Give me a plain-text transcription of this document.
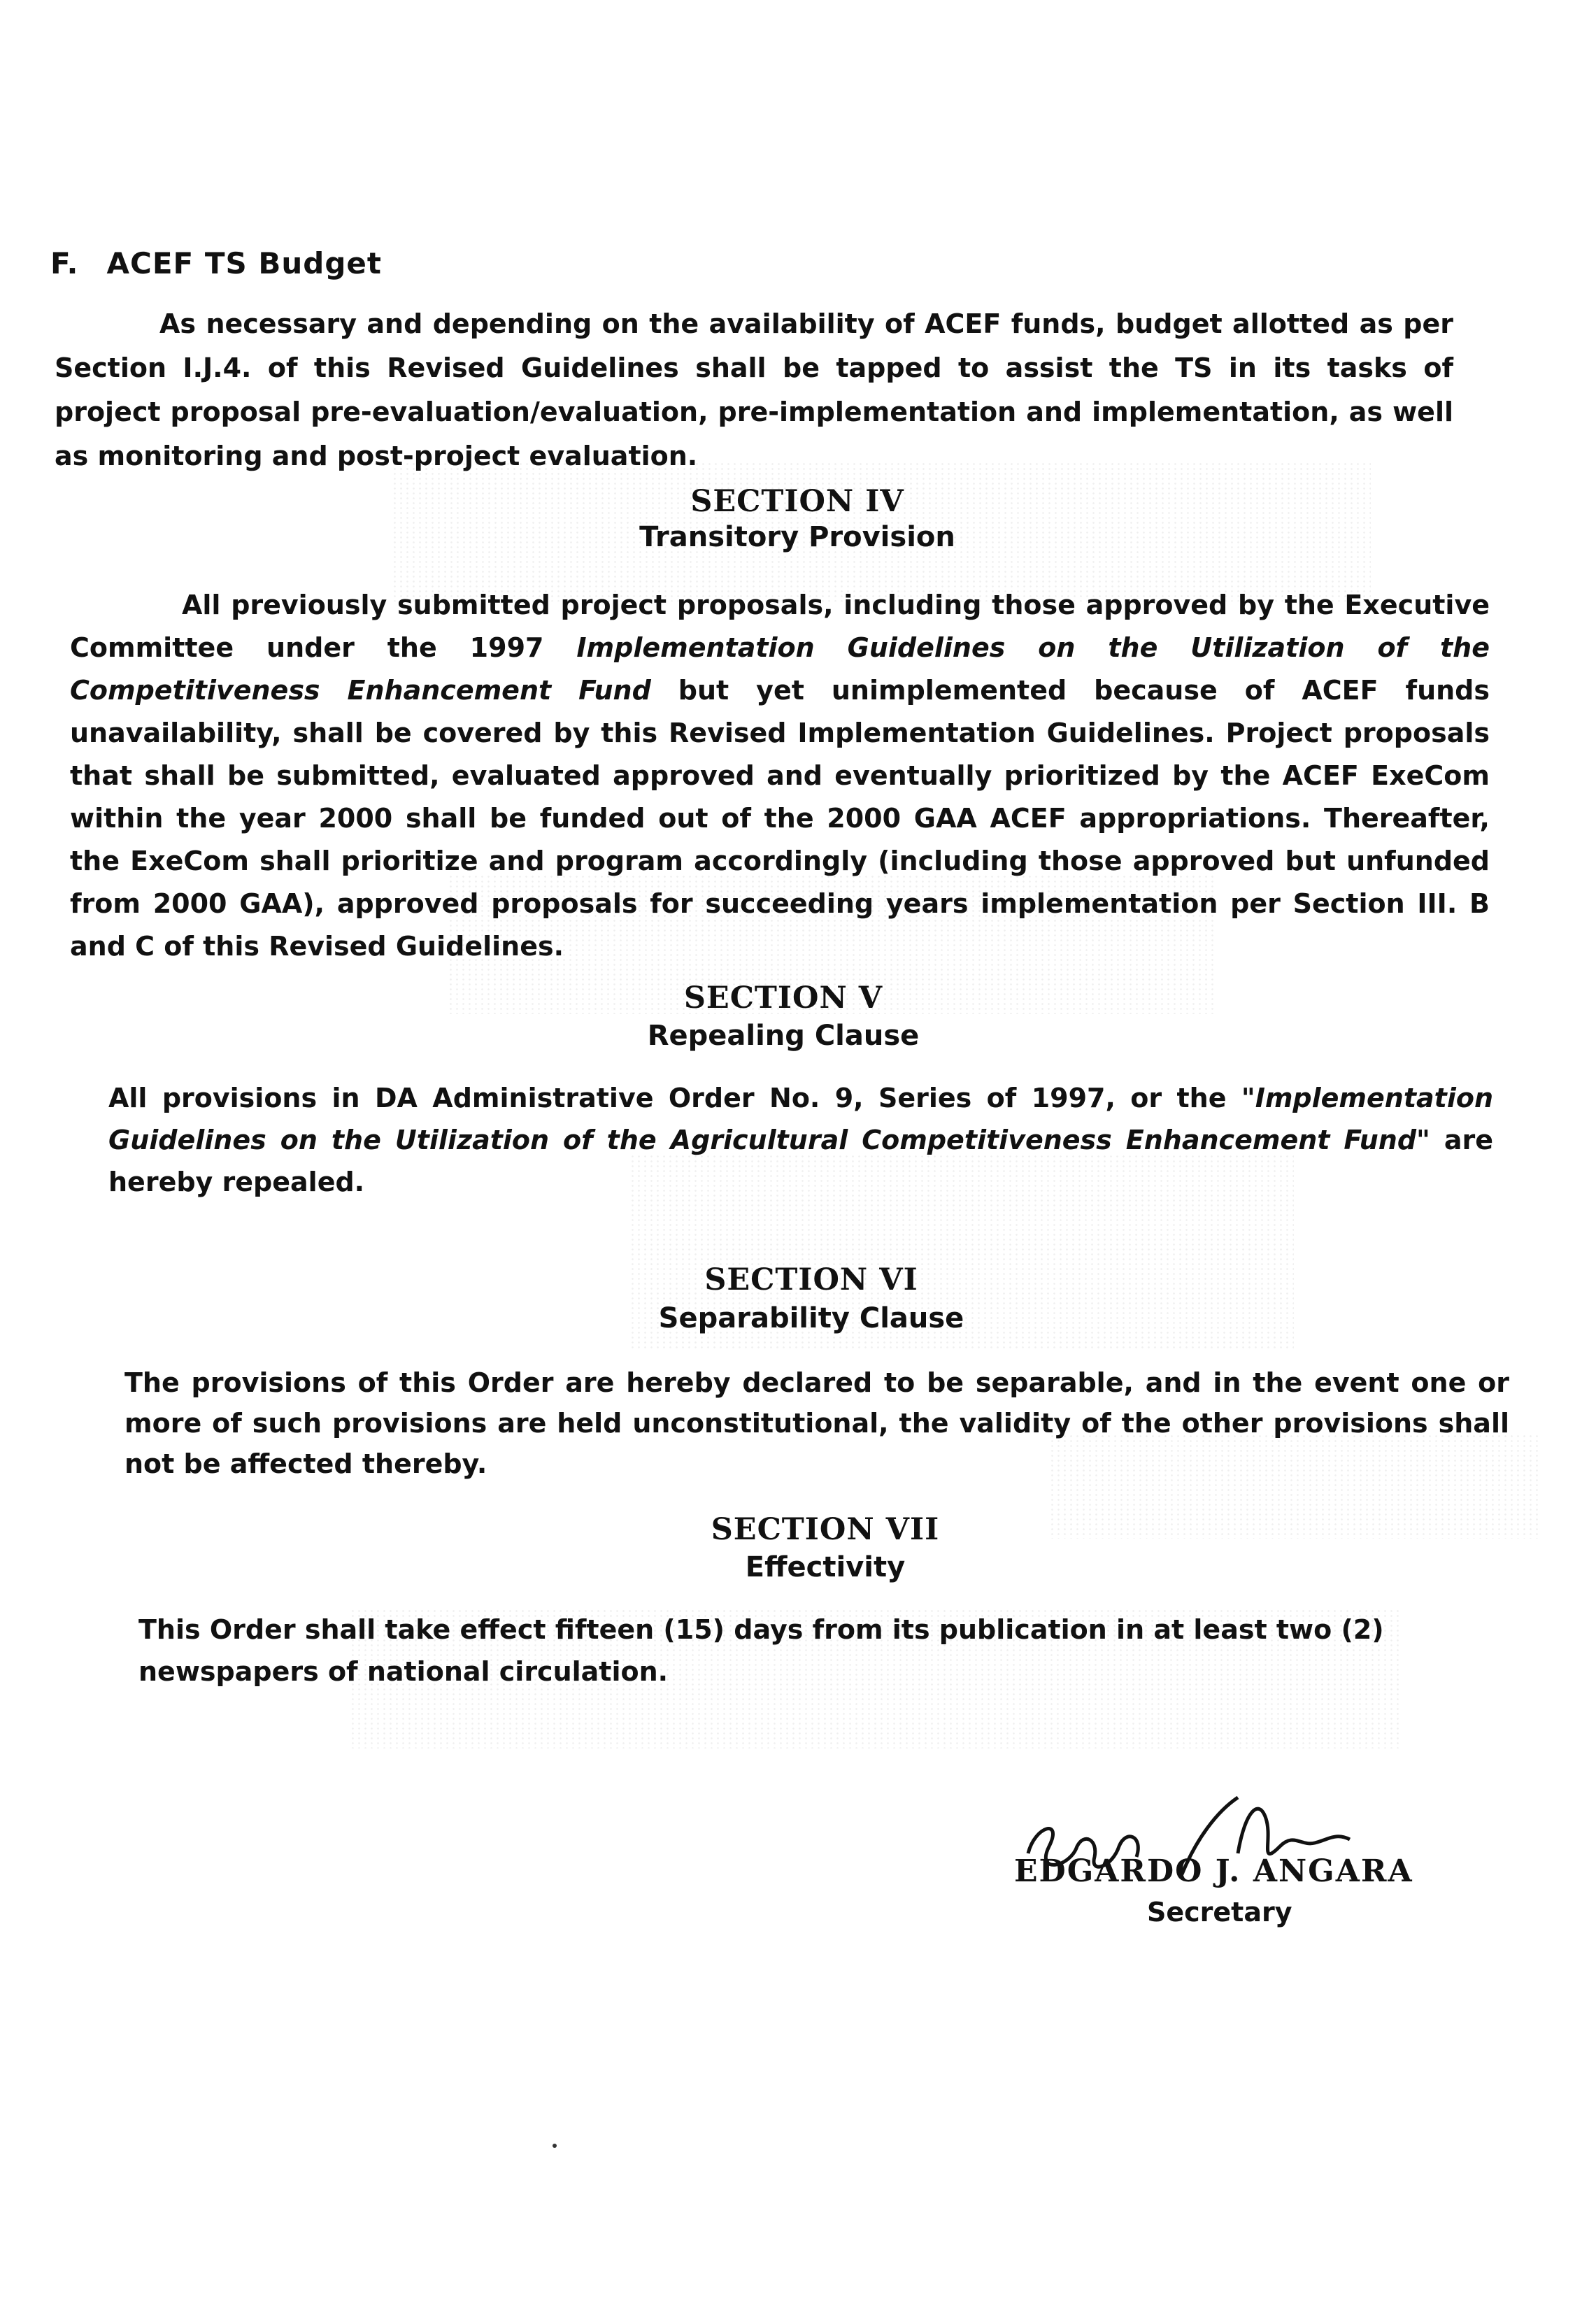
F. ACEF TS Budget
As necessary and depending on the availability of ACEF funds, budget allotted as per Section I.J.4. of this Revised Guidelines shall be tapped to assist the TS in its tasks of project proposal pre-evaluation/evaluation, pre-implementation and implementation, as well as monitoring and post-project evaluation.
SECTION IV
Transitory Provision
All previously submitted project proposals, including those approved by the Executive Committee under the 1997 Implementation Guidelines on the Utilization of the Competitiveness Enhancement Fund but yet unimplemented because of ACEF funds unavailability, shall be covered by this Revised Implementation Guidelines. Project proposals that shall be submitted, evaluated approved and eventually prioritized by the ACEF ExeCom within the year 2000 shall be funded out of the 2000 GAA ACEF appropriations. Thereafter, the ExeCom shall prioritize and program accordingly (including those approved but unfunded from 2000 GAA), approved proposals for succeeding years implementation per Section III. B and C of this Revised Guidelines.
SECTION V
Repealing Clause
All provisions in DA Administrative Order No. 9, Series of 1997, or the "Implementation Guidelines on the Utilization of the Agricultural Competitiveness Enhancement Fund" are hereby repealed.
SECTION VI
Separability Clause
The provisions of this Order are hereby declared to be separable, and in the event one or more of such provisions are held unconstitutional, the validity of the other provisions shall not be affected thereby.
SECTION VII
Effectivity
This Order shall take effect fifteen (15) days from its publication in at least two (2) newspapers of national circulation.
EDGARDO J. ANGARA
Secretary
